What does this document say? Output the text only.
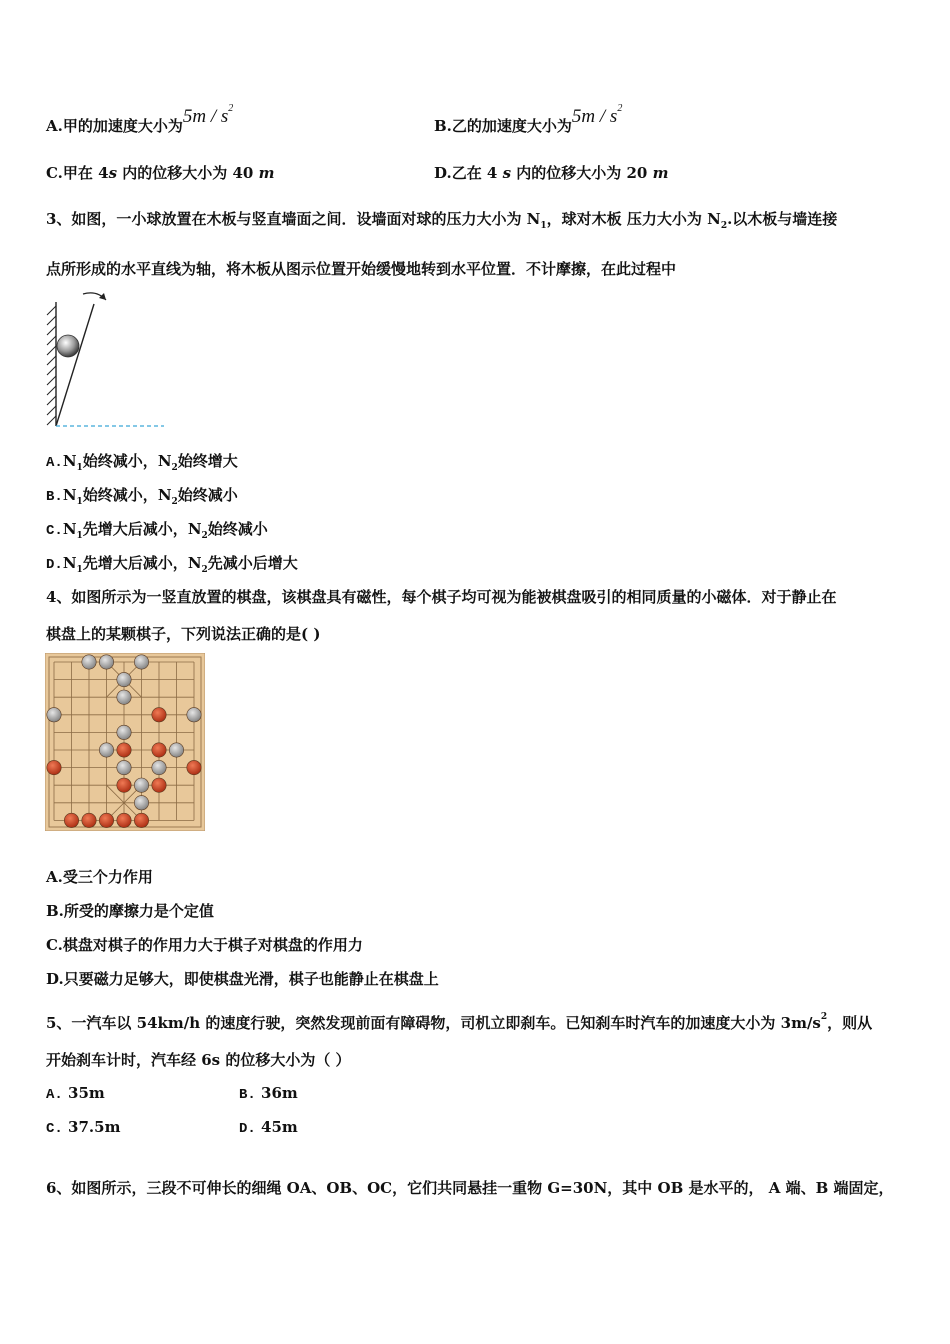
A.甲的加速度大小为$5m / s^2$
B.乙的加速度大小为$5m / s^2$
C.甲在 4s 内的位移大小为 40 m	D.乙在 4 s 内的位移大小为 20 m
3、如图，一小球放置在木板与竖直墙面之间．设墙面对球的压力大小为 $N_1$，球对木板 压力大小为 $N_2$.以木板与墙连接
点所形成的水平直线为轴，将木板从图示位置开始缓慢地转到水平位置．不计摩擦，在此过程中
$A.N_1$始终减小，$N_2$始终增大
$B.N_1$始终减小，$N_2$始终减小
$C.N_1$先增大后减小，$N_2$始终减小
$D.N_1$先增大后减小，$N_2$先减小后增大
4、如图所示为一竖直放置的棋盘，该棋盘具有磁性，每个棋子均可视为能被棋盘吸引的相同质量的小磁体．对于静止在
棋盘上的某颗棋子，下列说法正确的是( )
A.受三个力作用
B.所受的摩擦力是个定值
C.棋盘对棋子的作用力大于棋子对棋盘的作用力
D.只要磁力足够大，即使棋盘光滑，棋子也能静止在棋盘上
5、一汽车以 54km/h 的速度行驶，突然发现前面有障碍物，司机立即刹车。已知刹车时汽车的加速度大小为 $3m/s^2$，则从
开始刹车计时，汽车经 6s 的位移大小为（ ）
A. 35m	B. 36m
C. 37.5m	D. 45m
6、如图所示，三段不可伸长的细绳 OA、OB、OC，它们共同悬挂一重物 G=30N，其中 OB 是水平的， A 端、B 端固定，
